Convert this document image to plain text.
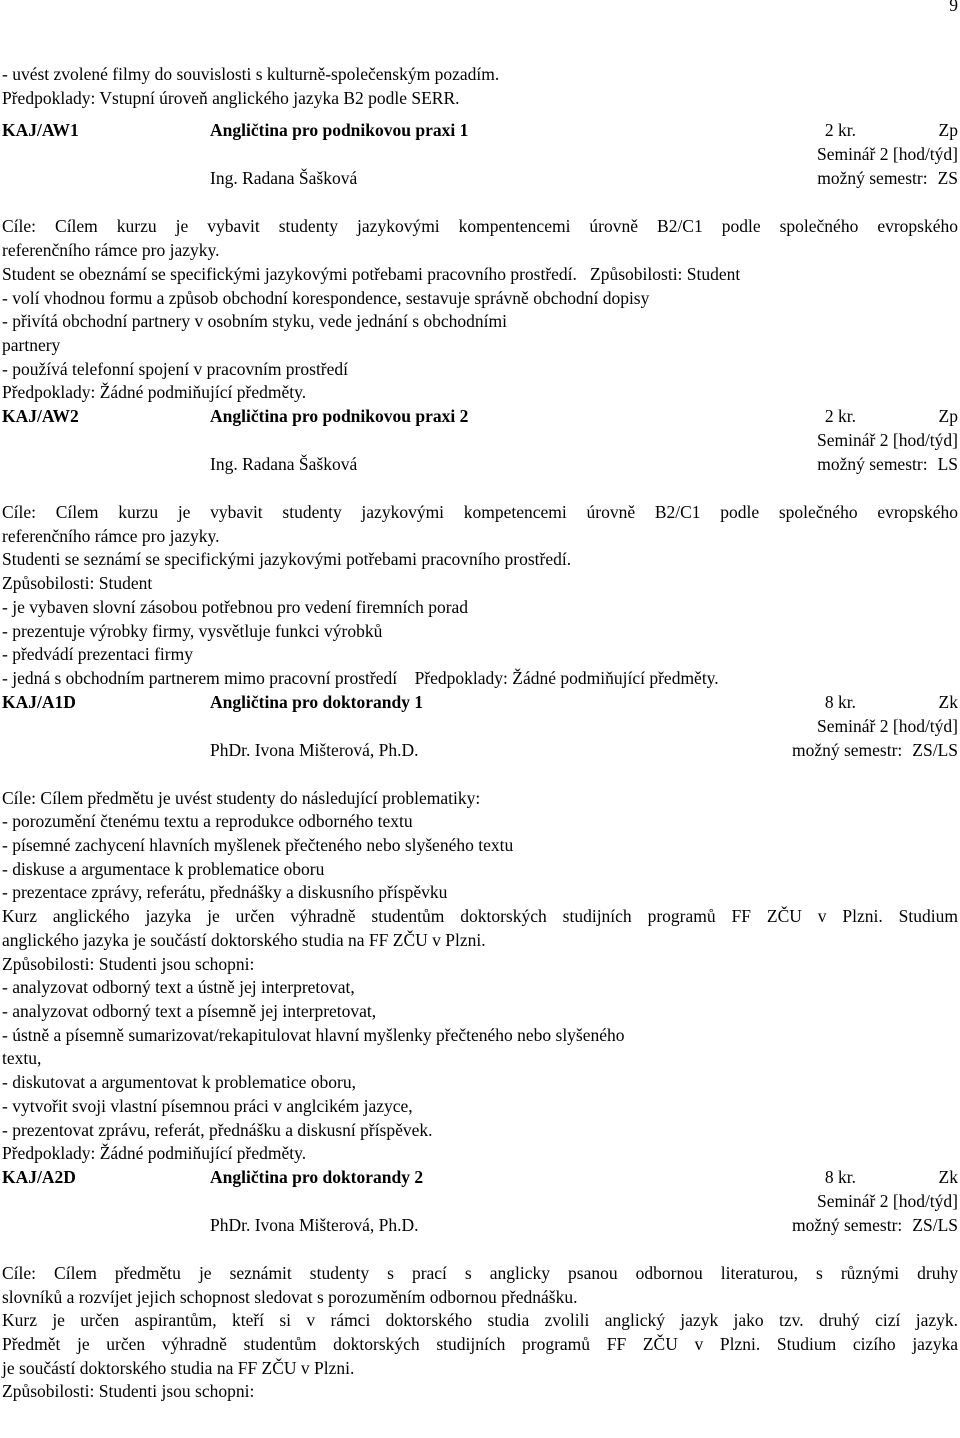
9
- uvést zvolené filmy do souvislosti s kulturně-společenským pozadím.
Předpoklady: Vstupní úroveň anglického jazyka B2 podle SERR.
KAJ/AW1	Angličtina pro podnikovou praxi 1	2 kr.	Zp
Seminář 2 [hod/týd]
Ing. Radana Šašková	možný semestr: ZS
Cíle: Cílem kurzu je vybavit studenty jazykovými kompentencemi úrovně B2/C1 podle společného evropského
referenčního rámce pro jazyky.
Student se obeznámí se specifickými jazykovými potřebami pracovního prostředí.   Způsobilosti: Student
- volí vhodnou formu a způsob obchodní korespondence, sestavuje správně obchodní dopisy
- přivítá obchodní partnery v osobním styku, vede jednání s obchodními
partnery
- používá telefonní spojení v pracovním prostředí
Předpoklady: Žádné podmiňující předměty.
KAJ/AW2	Angličtina pro podnikovou praxi 2	2 kr.	Zp
Seminář 2 [hod/týd]
Ing. Radana Šašková	možný semestr: LS
Cíle: Cílem kurzu je vybavit studenty jazykovými kompetencemi úrovně B2/C1 podle společného evropského
referenčního rámce pro jazyky.
Studenti se seznámí se specifickými jazykovými potřebami pracovního prostředí.
Způsobilosti: Student
- je vybaven slovní zásobou potřebnou pro vedení firemních porad
- prezentuje výrobky firmy, vysvětluje funkci výrobků
- předvádí prezentaci firmy
- jedná s obchodním partnerem mimo pracovní prostředí    Předpoklady: Žádné podmiňující předměty.
KAJ/A1D	Angličtina pro doktorandy 1	8 kr.	Zk
Seminář 2 [hod/týd]
PhDr. Ivona Mišterová, Ph.D.	možný semestr: ZS/LS
Cíle: Cílem předmětu je uvést studenty do následující problematiky:
- porozumění čtenému textu a reprodukce odborného textu
- písemné zachycení hlavních myšlenek přečteného nebo slyšeného textu
- diskuse a argumentace k problematice oboru
- prezentace zprávy, referátu, přednášky a diskusního příspěvku
Kurz anglického jazyka je určen výhradně studentům doktorských studijních programů FF ZČU v Plzni. Studium
anglického jazyka je součástí doktorského studia na FF ZČU v Plzni.
Způsobilosti: Studenti jsou schopni:
- analyzovat odborný text a ústně jej interpretovat,
- analyzovat odborný text a písemně jej interpretovat,
- ústně a písemně sumarizovat/rekapitulovat hlavní myšlenky přečteného nebo slyšeného
textu,
- diskutovat a argumentovat k problematice oboru,
- vytvořit svoji vlastní písemnou práci v anglcikém jazyce,
- prezentovat zprávu, referát, přednášku a diskusní příspěvek.
Předpoklady: Žádné podmiňující předměty.
KAJ/A2D	Angličtina pro doktorandy 2	8 kr.	Zk
Seminář 2 [hod/týd]
PhDr. Ivona Mišterová, Ph.D.	možný semestr: ZS/LS
Cíle: Cílem předmětu je seznámit studenty s prací s anglicky psanou odbornou literaturou, s různými druhy
slovníků a rozvíjet jejich schopnost sledovat s porozuměním odbornou přednášku.
Kurz je určen aspirantům, kteří si v rámci doktorského studia zvolili anglický jazyk jako tzv. druhý cizí jazyk.
Předmět je určen výhradně studentům doktorských studijních programů FF ZČU v Plzni. Studium cizího jazyka
je součástí doktorského studia na FF ZČU v Plzni.
Způsobilosti: Studenti jsou schopni:
